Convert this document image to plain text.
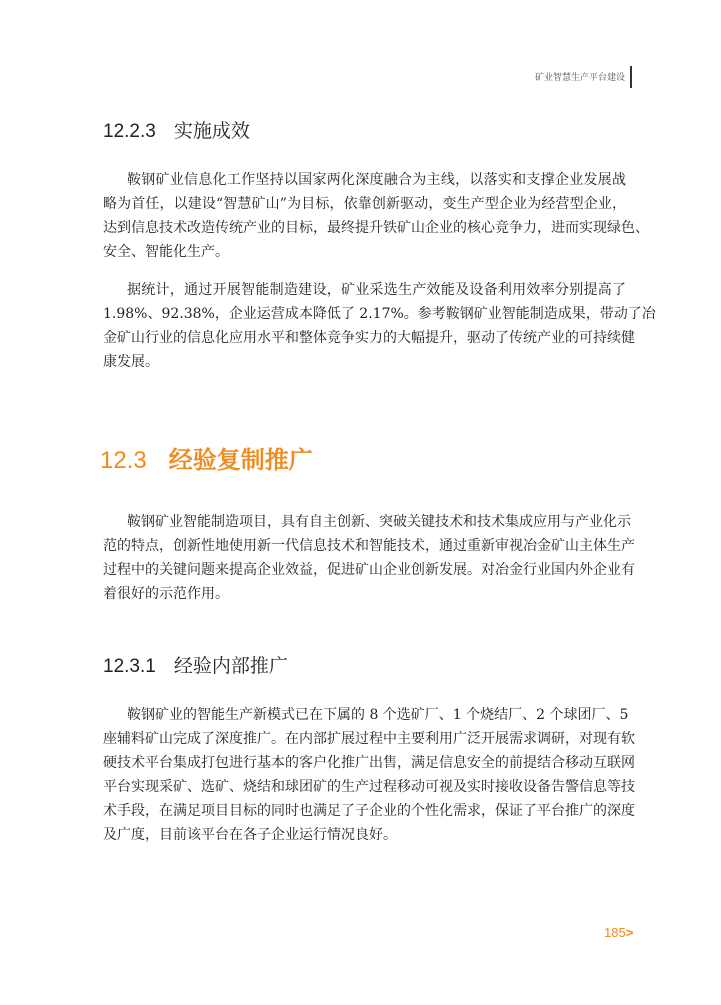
矿业智慧生产平台建设
12.2.3 实施成效
鞍钢矿业信息化工作坚持以国家两化深度融合为主线，以落实和支撑企业发展战
略为首任，以建设“智慧矿山”为目标，依靠创新驱动，变生产型企业为经营型企业，
达到信息技术改造传统产业的目标，最终提升铁矿山企业的核心竞争力，进而实现绿色、
安全、智能化生产。
据统计，通过开展智能制造建设，矿业采选生产效能及设备利用效率分别提高了
1.98%、92.38%，企业运营成本降低了 2.17%。参考鞍钢矿业智能制造成果，带动了冶
金矿山行业的信息化应用水平和整体竞争实力的大幅提升，驱动了传统产业的可持续健
康发展。
12.3 经验复制推广
鞍钢矿业智能制造项目，具有自主创新、突破关键技术和技术集成应用与产业化示
范的特点，创新性地使用新一代信息技术和智能技术，通过重新审视冶金矿山主体生产
过程中的关键问题来提高企业效益，促进矿山企业创新发展。对冶金行业国内外企业有
着很好的示范作用。
12.3.1 经验内部推广
鞍钢矿业的智能生产新模式已在下属的 8 个选矿厂、1 个烧结厂、2 个球团厂、5
座辅料矿山完成了深度推广。在内部扩展过程中主要利用广泛开展需求调研，对现有软
硬技术平台集成打包进行基本的客户化推广出售，满足信息安全的前提结合移动互联网
平台实现采矿、选矿、烧结和球团矿的生产过程移动可视及实时接收设备告警信息等技
术手段，在满足项目目标的同时也满足了子企业的个性化需求，保证了平台推广的深度
及广度，目前该平台在各子企业运行情况良好。
185>
